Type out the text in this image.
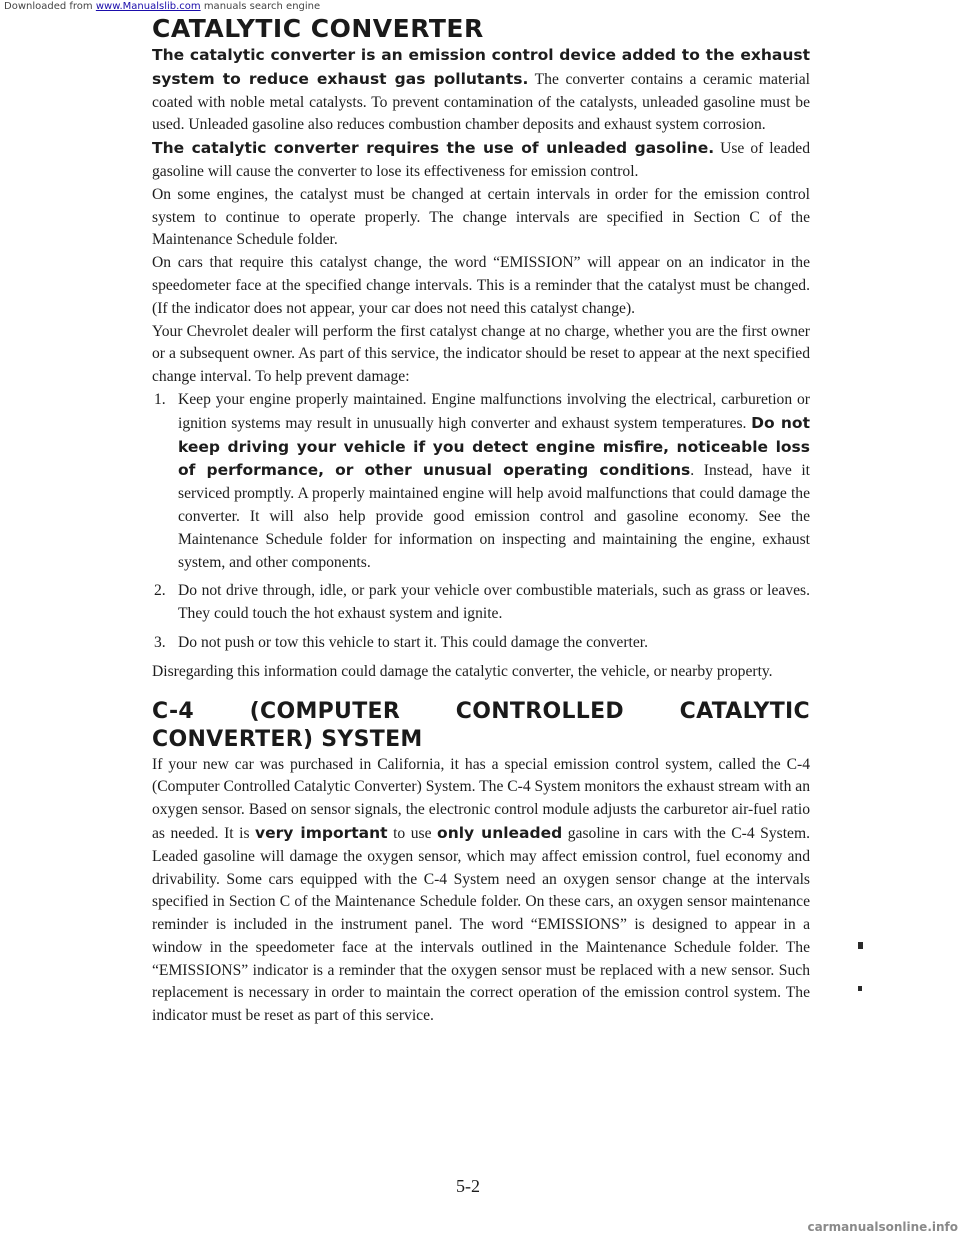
Downloaded from www.Manualslib.com manuals search engine
CATALYTIC CONVERTER

The catalytic converter is an emission control device added to the exhaust system to reduce exhaust gas pollutants. The converter contains a ceramic material coated with noble metal catalysts. To prevent contamination of the catalysts, unleaded gasoline must be used. Unleaded gasoline also reduces combustion chamber deposits and exhaust system corrosion.

The catalytic converter requires the use of unleaded gasoline. Use of leaded gasoline will cause the converter to lose its effectiveness for emission control.

On some engines, the catalyst must be changed at certain intervals in order for the emission control system to continue to operate properly. The change intervals are specified in Section C of the Maintenance Schedule folder.

On cars that require this catalyst change, the word “EMISSION” will appear on an indicator in the speedometer face at the specified change intervals. This is a reminder that the catalyst must be changed. (If the indicator does not appear, your car does not need this catalyst change).

Your Chevrolet dealer will perform the first catalyst change at no charge, whether you are the first owner or a subsequent owner. As part of this service, the indicator should be reset to appear at the next specified change interval. To help prevent damage:

1. Keep your engine properly maintained. Engine malfunctions involving the electrical, carburetion or ignition systems may result in unusually high converter and exhaust system temperatures. Do not keep driving your vehicle if you detect engine misfire, noticeable loss of performance, or other unusual operating conditions. Instead, have it serviced promptly. A properly maintained engine will help avoid malfunctions that could damage the converter. It will also help provide good emission control and gasoline economy. See the Maintenance Schedule folder for information on inspecting and maintaining the engine, exhaust system, and other components.
2. Do not drive through, idle, or park your vehicle over combustible materials, such as grass or leaves. They could touch the hot exhaust system and ignite.
3. Do not push or tow this vehicle to start it. This could damage the converter.

Disregarding this information could damage the catalytic converter, the vehicle, or nearby property.

C-4 (COMPUTER CONTROLLED CATALYTIC CONVERTER) SYSTEM

If your new car was purchased in California, it has a special emission control system, called the C-4 (Computer Controlled Catalytic Converter) System. The C-4 System monitors the exhaust stream with an oxygen sensor. Based on sensor signals, the electronic control module adjusts the carburetor air-fuel ratio as needed. It is very important to use only unleaded gasoline in cars with the C-4 System. Leaded gasoline will damage the oxygen sensor, which may affect emission control, fuel economy and drivability. Some cars equipped with the C-4 System need an oxygen sensor change at the intervals specified in Section C of the Maintenance Schedule folder. On these cars, an oxygen sensor maintenance reminder is included in the instrument panel. The word “EMISSIONS” is designed to appear in a window in the speedometer face at the intervals outlined in the Maintenance Schedule folder. The “EMISSIONS” indicator is a reminder that the oxygen sensor must be replaced with a new sensor. Such replacement is necessary in order to maintain the correct operation of the emission control system. The indicator must be reset as part of this service.

5-2
carmanualsonline.info
